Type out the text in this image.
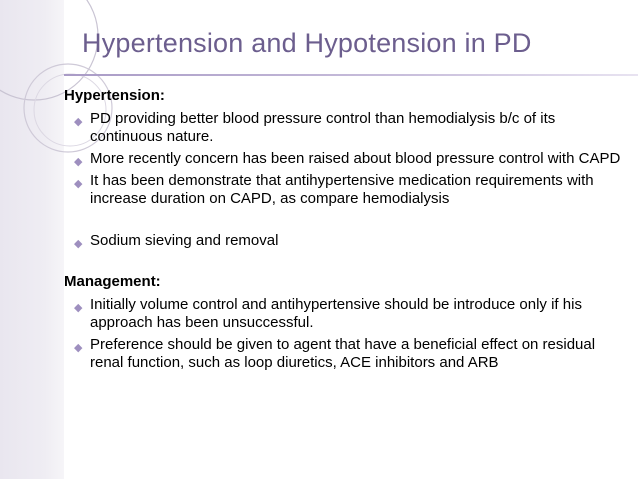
Hypertension and Hypotension in PD

Hypertension:

◆ PD providing better blood pressure control than hemodialysis b/c of its continuous nature.
◆ More recently concern has been raised about blood pressure control with CAPD
◆ It has been demonstrate that antihypertensive medication requirements with increase duration on CAPD, as compare hemodialysis
◆ Sodium sieving and removal

Management:

◆ Initially volume control and antihypertensive should be introduce only if his approach has been unsuccessful.
◆ Preference should be given to agent that have a beneficial effect on residual renal function, such as loop diuretics, ACE inhibitors and ARB
